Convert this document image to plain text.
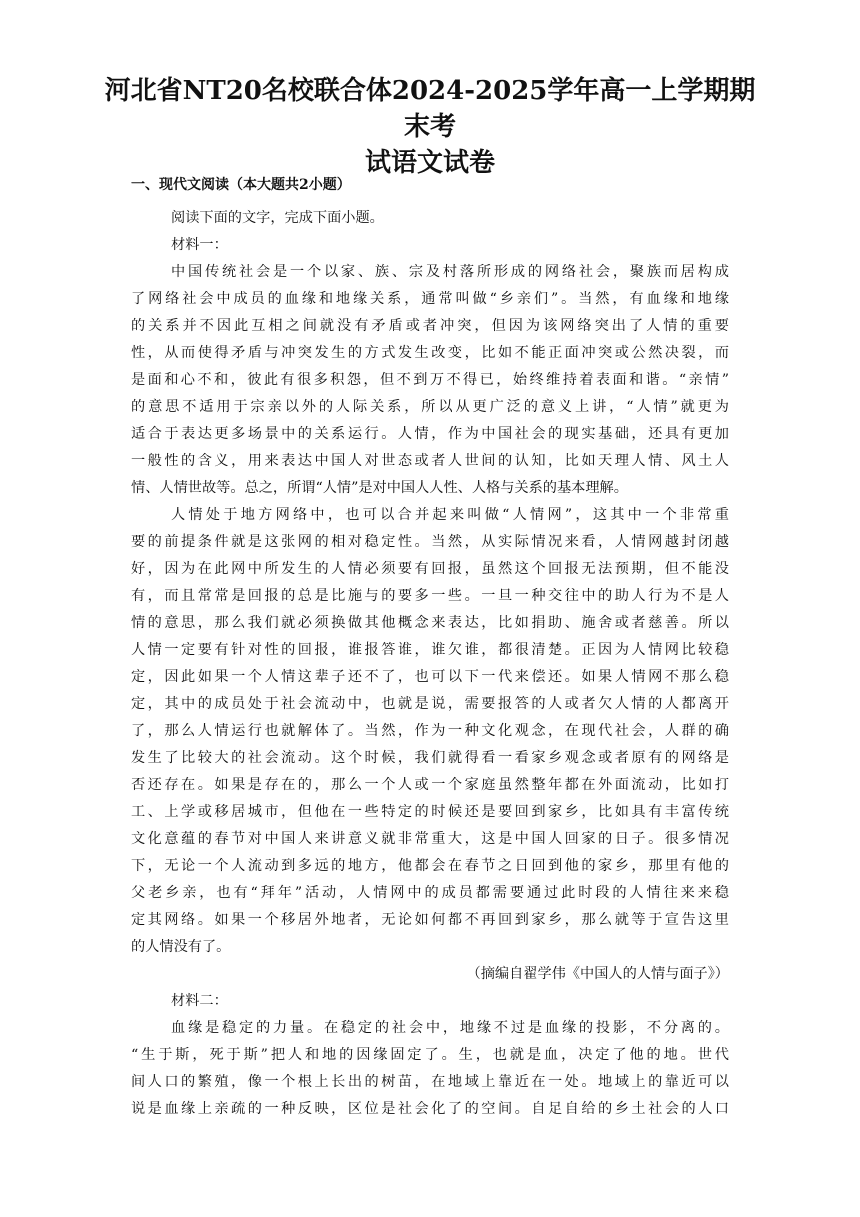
河北省NT20名校联合体2024-2025学年高一上学期期末考
试语文试卷
一、现代文阅读（本大题共2小题）
阅读下面的文字，完成下面小题。
材料一：
中国传统社会是一个以家、族、宗及村落所形成的网络社会，聚族而居构成
了网络社会中成员的血缘和地缘关系，通常叫做“乡亲们”。当然，有血缘和地缘
的关系并不因此互相之间就没有矛盾或者冲突，但因为该网络突出了人情的重要
性，从而使得矛盾与冲突发生的方式发生改变，比如不能正面冲突或公然决裂，而
是面和心不和，彼此有很多积怨，但不到万不得已，始终维持着表面和谐。“亲情”
的意思不适用于宗亲以外的人际关系，所以从更广泛的意义上讲，“人情”就更为
适合于表达更多场景中的关系运行。人情，作为中国社会的现实基础，还具有更加
一般性的含义，用来表达中国人对世态或者人世间的认知，比如天理人情、风土人
情、人情世故等。总之，所谓“人情”是对中国人人性、人格与关系的基本理解。
人情处于地方网络中，也可以合并起来叫做“人情网”，这其中一个非常重
要的前提条件就是这张网的相对稳定性。当然，从实际情况来看，人情网越封闭越
好，因为在此网中所发生的人情必须要有回报，虽然这个回报无法预期，但不能没
有，而且常常是回报的总是比施与的要多一些。一旦一种交往中的助人行为不是人
情的意思，那么我们就必须换做其他概念来表达，比如捐助、施舍或者慈善。所以
人情一定要有针对性的回报，谁报答谁，谁欠谁，都很清楚。正因为人情网比较稳
定，因此如果一个人情这辈子还不了，也可以下一代来偿还。如果人情网不那么稳
定，其中的成员处于社会流动中，也就是说，需要报答的人或者欠人情的人都离开
了，那么人情运行也就解体了。当然，作为一种文化观念，在现代社会，人群的确
发生了比较大的社会流动。这个时候，我们就得看一看家乡观念或者原有的网络是
否还存在。如果是存在的，那么一个人或一个家庭虽然整年都在外面流动，比如打
工、上学或移居城市，但他在一些特定的时候还是要回到家乡，比如具有丰富传统
文化意蕴的春节对中国人来讲意义就非常重大，这是中国人回家的日子。很多情况
下，无论一个人流动到多远的地方，他都会在春节之日回到他的家乡，那里有他的
父老乡亲，也有“拜年”活动，人情网中的成员都需要通过此时段的人情往来来稳
定其网络。如果一个移居外地者，无论如何都不再回到家乡，那么就等于宣告这里
的人情没有了。
（摘编自翟学伟《中国人的人情与面子》）
材料二：
血缘是稳定的力量。在稳定的社会中，地缘不过是血缘的投影，不分离的。
“生于斯，死于斯”把人和地的因缘固定了。生，也就是血，决定了他的地。世代
间人口的繁殖，像一个根上长出的树苗，在地域上靠近在一处。地域上的靠近可以
说是血缘上亲疏的一种反映，区位是社会化了的空间。自足自给的乡土社会的人口
